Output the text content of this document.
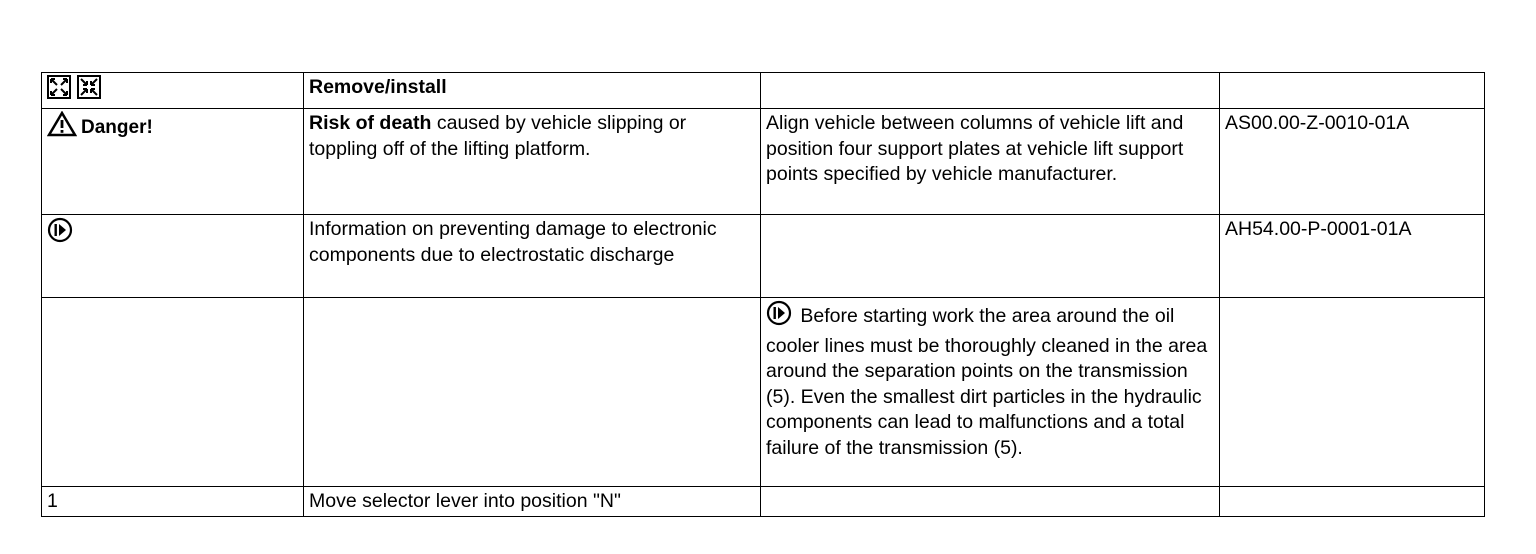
	Remove/install		
Danger!	Risk of death caused by vehicle slipping or toppling off of the lifting platform.	Align vehicle between columns of vehicle lift and position four support plates at vehicle lift support points specified by vehicle manufacturer.	AS00.00-Z-0010-01A
	Information on preventing damage to electronic components due to electrostatic discharge		AH54.00-P-0001-01A
		Before starting work the area around the oil cooler lines must be thoroughly cleaned in the area around the separation points on the transmission (5). Even the smallest dirt particles in the hydraulic components can lead to malfunctions and a total failure of the transmission (5).	
1	Move selector lever into position "N"		
